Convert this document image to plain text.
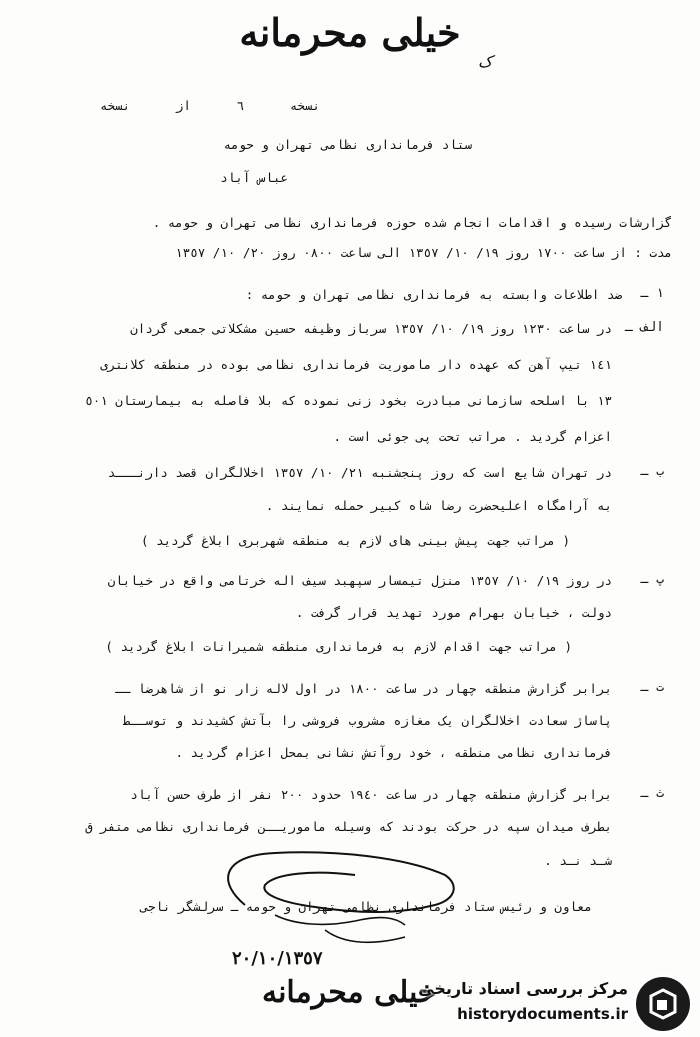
خیلی محرمانه
ک
نسخه
٦
از
نسخه
ستاد فرمانداری نظامی تهران و حومه
عباس آباد
گزارشات رسیده و اقدامات انجام شده حوزه فرمانداری نظامی تهران و حومه .
مدت : از ساعت ١٧٠٠ روز ١٩/ ١٠/ ١٣٥٧ الی ساعت ٠٨٠٠ روز ٢٠/ ١٠/ ١٣٥٧
١ ـ
ضد اطلاعات وابسته به فرمانداری نظامی تهران و حومه :
الف ـ
در ساعت ١٢٣٠ روز ١٩/ ١٠/ ١٣٥٧ سرباز وظیفه حسین مشکلاتی جمعی گردان
١٤١ تیپ آهن که عهده دار ماموریت فرمانداری نظامی بوده در منطقه کلانتری
١٣ با اسلحه سازمانی مبادرت بخود زنی نموده که بلا فاصله به بیمارستان ٥٠١
اعزام گردید . مراتب تحت پی جوئی است .
ب ـ
در تهران شایع است که روز پنجشنبه ٢١/ ١٠/ ١٣٥٧ اخلالگران قصد دارنـــد
به آرامگاه اعلیحضرت رضا شاه کبیر حمله نمایند .
( مراتب جهت پیش بینی های لازم به منطقه شهربری ابلاغ گردید )
پ ـ
در روز ١٩/ ١٠/ ١٣٥٧ منزل تیمسار سپهبد سیف اله خرتامی واقع در خیابان
دولت ، خیابان بهرام مورد تهدید قرار گرفت .
( مراتب جهت اقدام لازم به فرمانداری منطقه شمیرانات ابلاغ گردید )
ت ـ
برابر گزارش منطقه چهار در ساعت ١٨٠٠ در اول لاله زار نو از شاهرضا ــ
پاساژ سعادت اخلالگران یک مغازه مشروب فروشی را بآتش کشیدند و توســط
فرمانداری نظامی منطقه ، خود روآتش نشانی بمحل اعزام گردید .
ث ـ
برابر گزارش منطقه چهار در ساعت ١٩٤٠ حدود ٢٠٠ نفر از طرف حسن آباد
بطرف میدان سپه در حرکت بودند که وسیله ماموریــن فرمانداری نظامی متفر ق
شـد نـد .
معاون و رئیس ستاد فرمانداری نظامی تهران و حومه ـ سرلشگر ناجی
٢٠/١٠/١٣٥٧
خیلی محرمانه
مرکز بررسی اسناد تاریخی
historydocuments.ir
